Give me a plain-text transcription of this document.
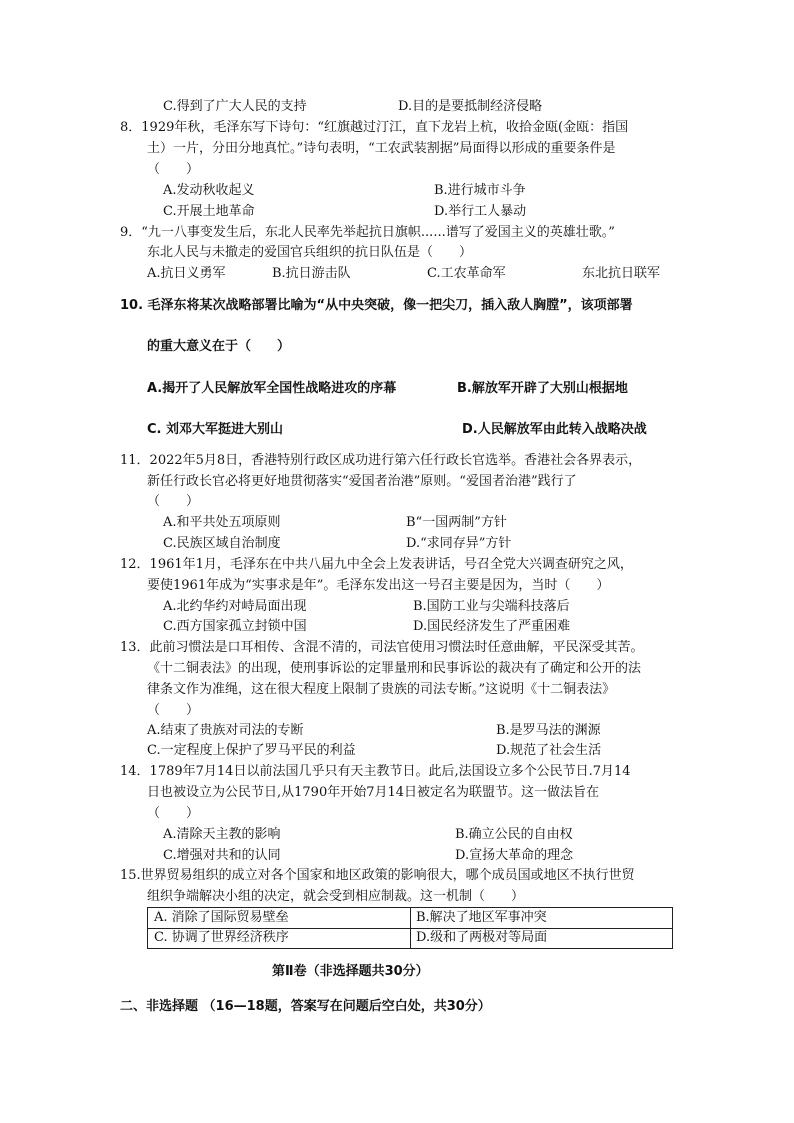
C.得到了广大人民的支持	D.目的是要抵制经济侵略
8．1929年秋，毛泽东写下诗句：“红旗越过汀江，直下龙岩上杭，收拾金瓯(金瓯：指国
土）一片，分田分地真忙。”诗句表明，“工农武装割据”局面得以形成的重要条件是
（　　）
A.发动秋收起义	B.进行城市斗争
C.开展土地革命	D.举行工人暴动
9．“九一八事变发生后，东北人民率先举起抗日旗帜......谱写了爱国主义的英雄壮歌。”
东北人民与未撤走的爱国官兵组织的抗日队伍是（　　）
A.抗日义勇军	B.抗日游击队	C.工农革命军	东北抗日联军
10. 毛泽东将某次战略部署比喻为“从中央突破，像一把尖刀，插入敌人胸膛”，该项部署
的重大意义在于（　　）
A.揭开了人民解放军全国性战略进攻的序幕	B.解放军开辟了大别山根据地
C. 刘邓大军挺进大别山	D.人民解放军由此转入战略决战
11．2022年5月8日，香港特别行政区成功进行第六任行政长官选举。香港社会各界表示，
新任行政长官必将更好地贯彻落实“爱国者治港”原则。“爱国者治港”践行了
（　　）
A.和平共处五项原则	B“一国两制”方针
C.民族区域自治制度	D.“求同存异”方针
12．1961年1月，毛泽东在中共八届九中全会上发表讲话，号召全党大兴调查研究之风，
要使1961年成为“实事求是年”。毛泽东发出这一号召主要是因为，当时（　　）
A.北约华约对峙局面出现	B.国防工业与尖端科技落后
C.西方国家孤立封锁中国	D.国民经济发生了严重困难
13．此前习惯法是口耳相传、含混不清的，司法官使用习惯法时任意曲解，平民深受其苦。
《十二铜表法》的出现，使刑事诉讼的定罪量刑和民事诉讼的裁决有了确定和公开的法
律条文作为准绳，这在很大程度上限制了贵族的司法专断。”这说明《十二铜表法》
（　　）
A.结束了贵族对司法的专断	B.是罗马法的渊源
C.一定程度上保护了罗马平民的利益	D.规范了社会生活
14．1789年7月14日以前法国几乎只有天主教节日。此后,法国设立多个公民节日.7月14
日也被设立为公民节日,从1790年开始7月14日被定名为联盟节。这一做法旨在
（　　）
A.清除天主教的影响	B.确立公民的自由权
C.增强对共和的认同	D.宣扬大革命的理念
15.世界贸易组织的成立对各个国家和地区政策的影响很大，哪个成员国或地区不执行世贸
组织争端解决小组的决定，就会受到相应制裁。这一机制（　　）
A. 消除了国际贸易壁垒	B.解决了地区军事冲突
C. 协调了世界经济秩序	D.级和了两极对等局面
第Ⅱ卷（非选择题共30分）
二、非选择题 （16—18题，答案写在问题后空白处，共30分）
